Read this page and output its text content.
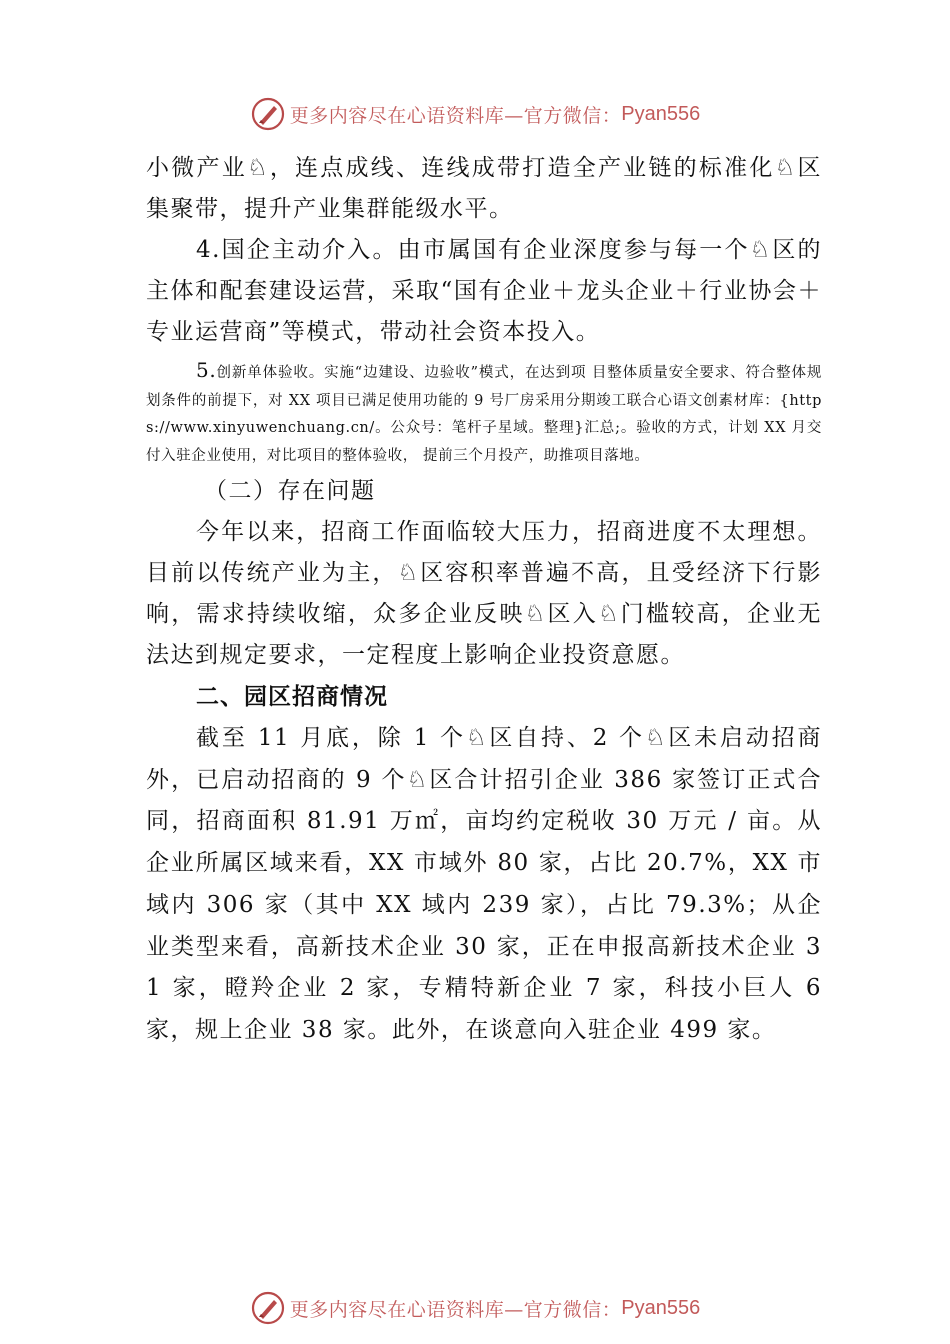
更多内容尽在心语资料库—官方微信： Pyan556

小微产业♘，连点成线、连线成带打造全产业链的标准化♘区集聚带，提升产业集群能级水平。

4.国企主动介入。由市属国有企业深度参与每一个♘区的主体和配套建设运营，采取“国有企业＋龙头企业＋行业协会＋专业运营商”等模式，带动社会资本投入。

5.创新单体验收。实施“边建设、边验收”模式，在达到项 目整体质量安全要求、符合整体规划条件的前提下，对 XX 项目已满足使用功能的 9 号厂房采用分期竣工联合心语文创素材库：{https://www.xinyuwenchuang.cn/。公众号：笔杆子星域。整理}汇总;。验收的方式，计划 XX 月交付入驻企业使用，对比项目的整体验收， 提前三个月投产，助推项目落地。

（二）存在问题

今年以来，招商工作面临较大压力，招商进度不太理想。目前以传统产业为主，♘区容积率普遍不高，且受经济下行影响，需求持续收缩，众多企业反映♘区入♘门槛较高，企业无法达到规定要求，一定程度上影响企业投资意愿。

二、园区招商情况

截至 11 月底，除 1 个♘区自持、2 个♘区未启动招商外，已启动招商的 9 个♘区合计招引企业 386 家签订正式合同，招商面积 81.91 万㎡，亩均约定税收 30 万元 / 亩。从企业所属区域来看，XX 市域外 80 家，占比 20.7%，XX 市域内 306 家（其中 XX 域内 239 家），占比 79.3%；从企业类型来看，高新技术企业 30 家，正在申报高新技术企业 31 家，瞪羚企业 2 家，专精特新企业 7 家，科技小巨人 6 家，规上企业 38 家。此外，在谈意向入驻企业 499 家。

更多内容尽在心语资料库—官方微信： Pyan556
